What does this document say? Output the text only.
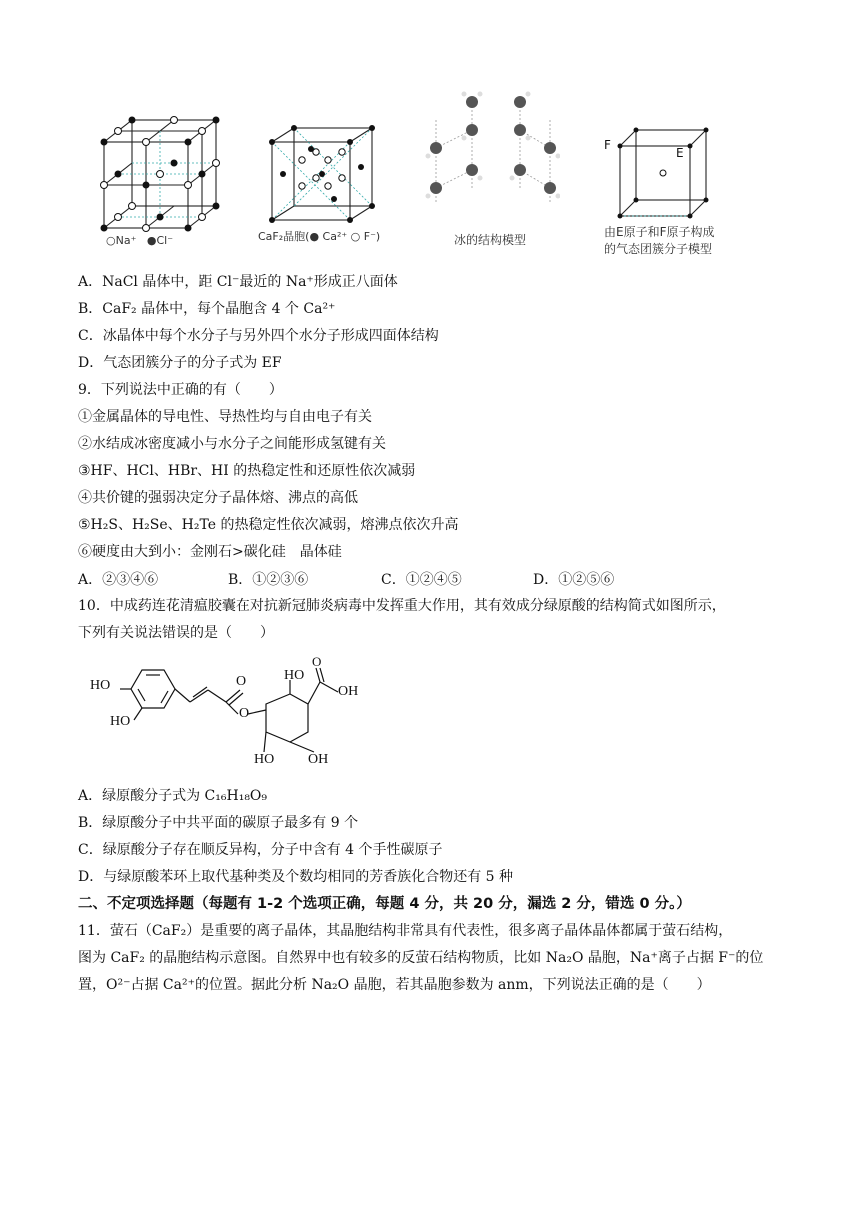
○Na⁺ ●Cl⁻	CaF₂晶胞(● Ca²⁺ ○ F⁻)	冰的结构模型
F
E
由E原子和F原子构成
的气态团簇分子模型
A．NaCl 晶体中，距 Cl⁻最近的 Na⁺形成正八面体
B．CaF₂ 晶体中，每个晶胞含 4 个 Ca²⁺
C．冰晶体中每个水分子与另外四个水分子形成四面体结构
D．气态团簇分子的分子式为 EF
9．下列说法中正确的有（　　）
①金属晶体的导电性、导热性均与自由电子有关
②水结成冰密度减小与水分子之间能形成氢键有关
③HF、HCl、HBr、HI 的热稳定性和还原性依次减弱
④共价键的强弱决定分子晶体熔、沸点的高低
⑤H₂S、H₂Se、H₂Te 的热稳定性依次减弱，熔沸点依次升高
⑥硬度由大到小：金刚石>碳化硅　晶体硅
A．②③④⑥	B．①②③⑥	C．①②④⑤	D．①②⑤⑥
10．中成药连花清瘟胶囊在对抗新冠肺炎病毒中发挥重大作用，其有效成分绿原酸的结构简式如图所示，
下列有关说法错误的是（　　）
HO
HO
HO
OH
O
O
HO OH
O
A．绿原酸分子式为 C₁₆H₁₈O₉
B．绿原酸分子中共平面的碳原子最多有 9 个
C．绿原酸分子存在顺反异构，分子中含有 4 个手性碳原子
D．与绿原酸苯环上取代基种类及个数均相同的芳香族化合物还有 5 种
二、不定项选择题（每题有 1-2 个选项正确，每题 4 分，共 20 分，漏选 2 分，错选 0 分。）
11．萤石（CaF₂）是重要的离子晶体，其晶胞结构非常具有代表性，很多离子晶体晶体都属于萤石结构，
图为 CaF₂ 的晶胞结构示意图。自然界中也有较多的反萤石结构物质，比如 Na₂O 晶胞，Na⁺离子占据 F⁻的位
置，O²⁻占据 Ca²⁺的位置。据此分析 Na₂O 晶胞，若其晶胞参数为 anm，下列说法正确的是（　　）
